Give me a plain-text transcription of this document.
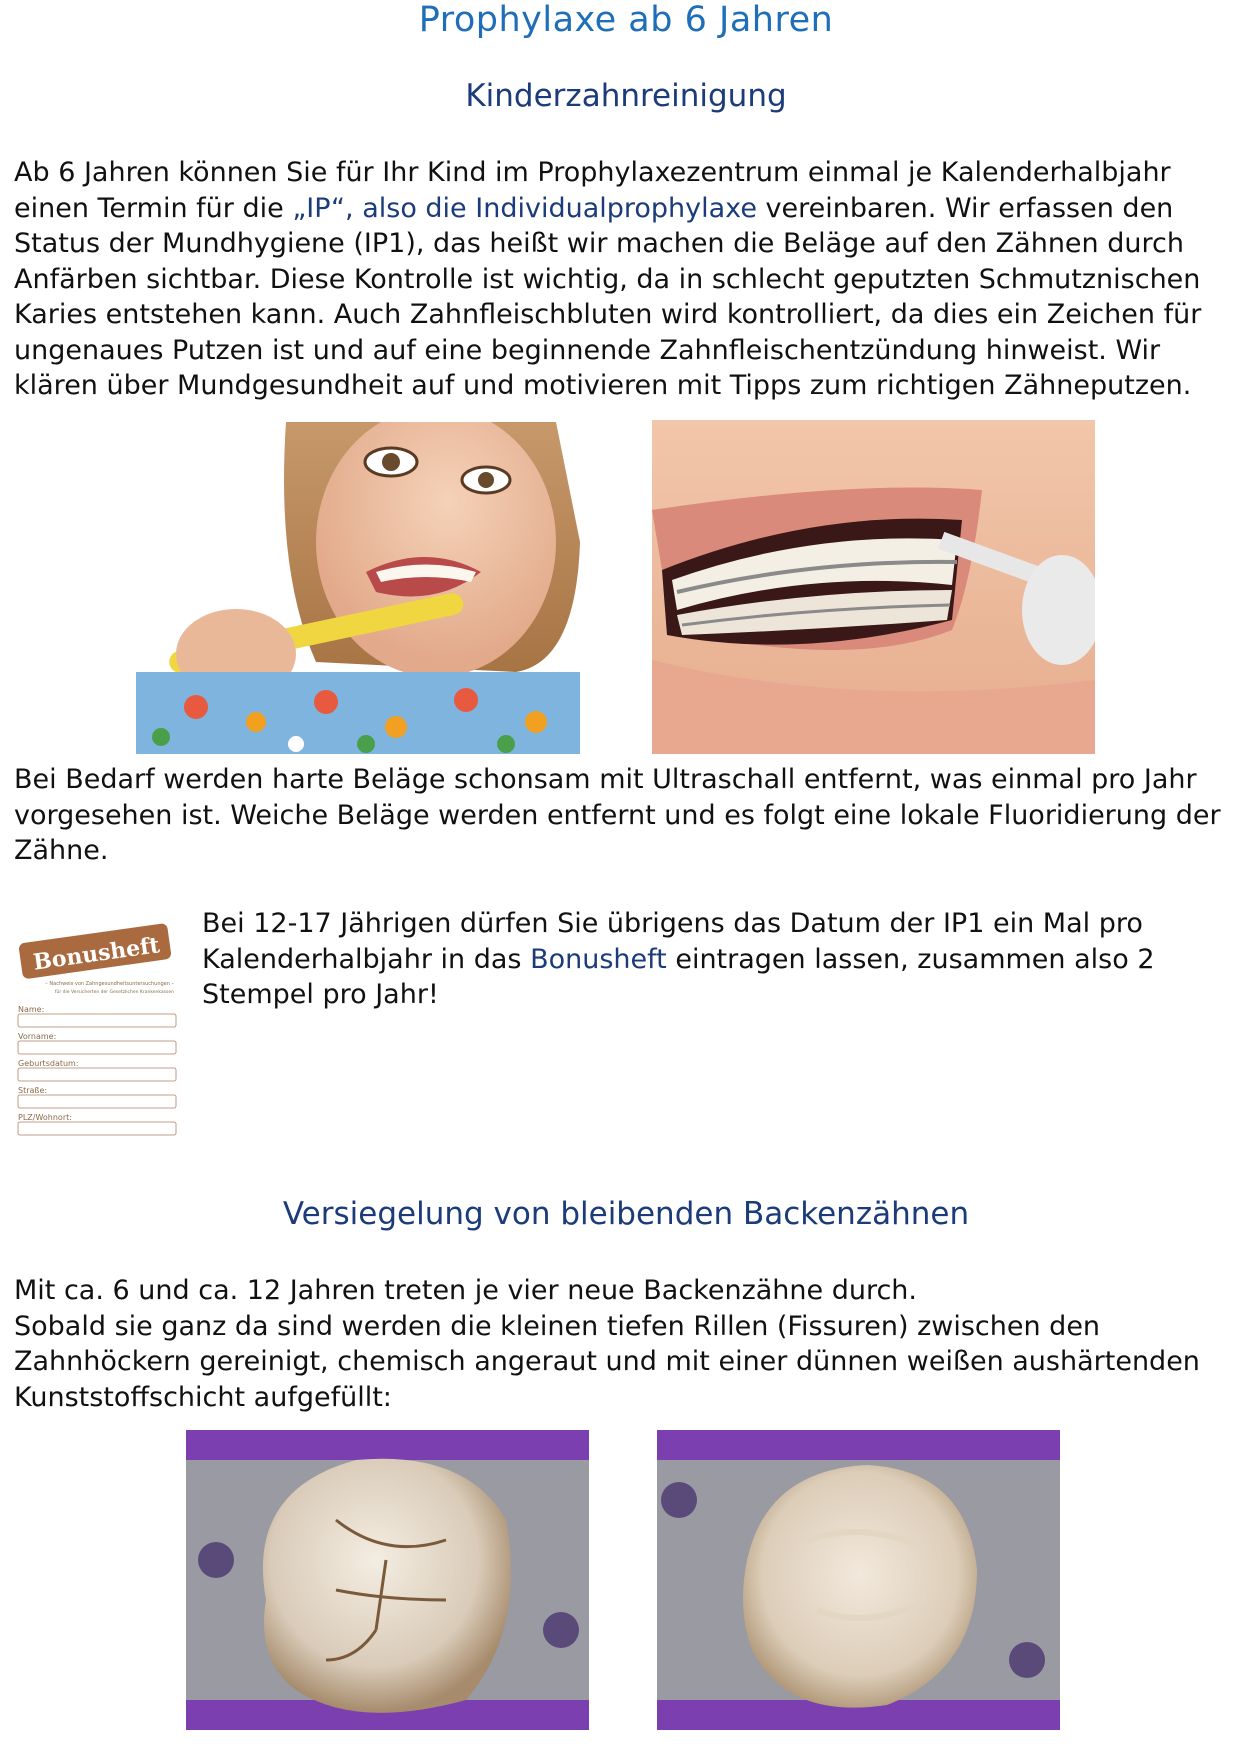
Prophylaxe ab 6 Jahren
Kinderzahnreinigung

Ab 6 Jahren können Sie für Ihr Kind im Prophylaxezentrum einmal je Kalenderhalbjahr einen Termin für die „IP“, also die Individualprophylaxe vereinbaren. Wir erfassen den Status der Mundhygiene (IP1), das heißt wir machen die Beläge auf den Zähnen durch Anfärben sichtbar. Diese Kontrolle ist wichtig, da in schlecht geputzten Schmutznischen Karies entstehen kann. Auch Zahnfleischbluten wird kontrolliert, da dies ein Zeichen für ungenaues Putzen ist und auf eine beginnende Zahnfleischentzündung hinweist. Wir klären über Mundgesundheit auf und motivieren mit Tipps zum richtigen Zähneputzen.

Bei Bedarf werden harte Beläge schonsam mit Ultraschall entfernt, was einmal pro Jahr vorgesehen ist. Weiche Beläge werden entfernt und es folgt eine lokale Fluoridierung der Zähne.

Bonusheft
– Nachweis von Zahngesundheitsuntersuchungen –
für die Versicherten der Gesetzlichen Krankenkassen
Name:
Vorname:
Geburtsdatum:
Straße:
PLZ/Wohnort:

Bei 12-17 Jährigen dürfen Sie übrigens das Datum der IP1 ein Mal pro Kalenderhalbjahr in das Bonusheft eintragen lassen, zusammen also 2 Stempel pro Jahr!

Versiegelung von bleibenden Backenzähnen

Mit ca. 6 und ca. 12 Jahren treten je vier neue Backenzähne durch.

Sobald sie ganz da sind werden die kleinen tiefen Rillen (Fissuren) zwischen den Zahnhöckern gereinigt, chemisch angeraut und mit einer dünnen weißen aushärtenden Kunststoffschicht aufgefüllt:
